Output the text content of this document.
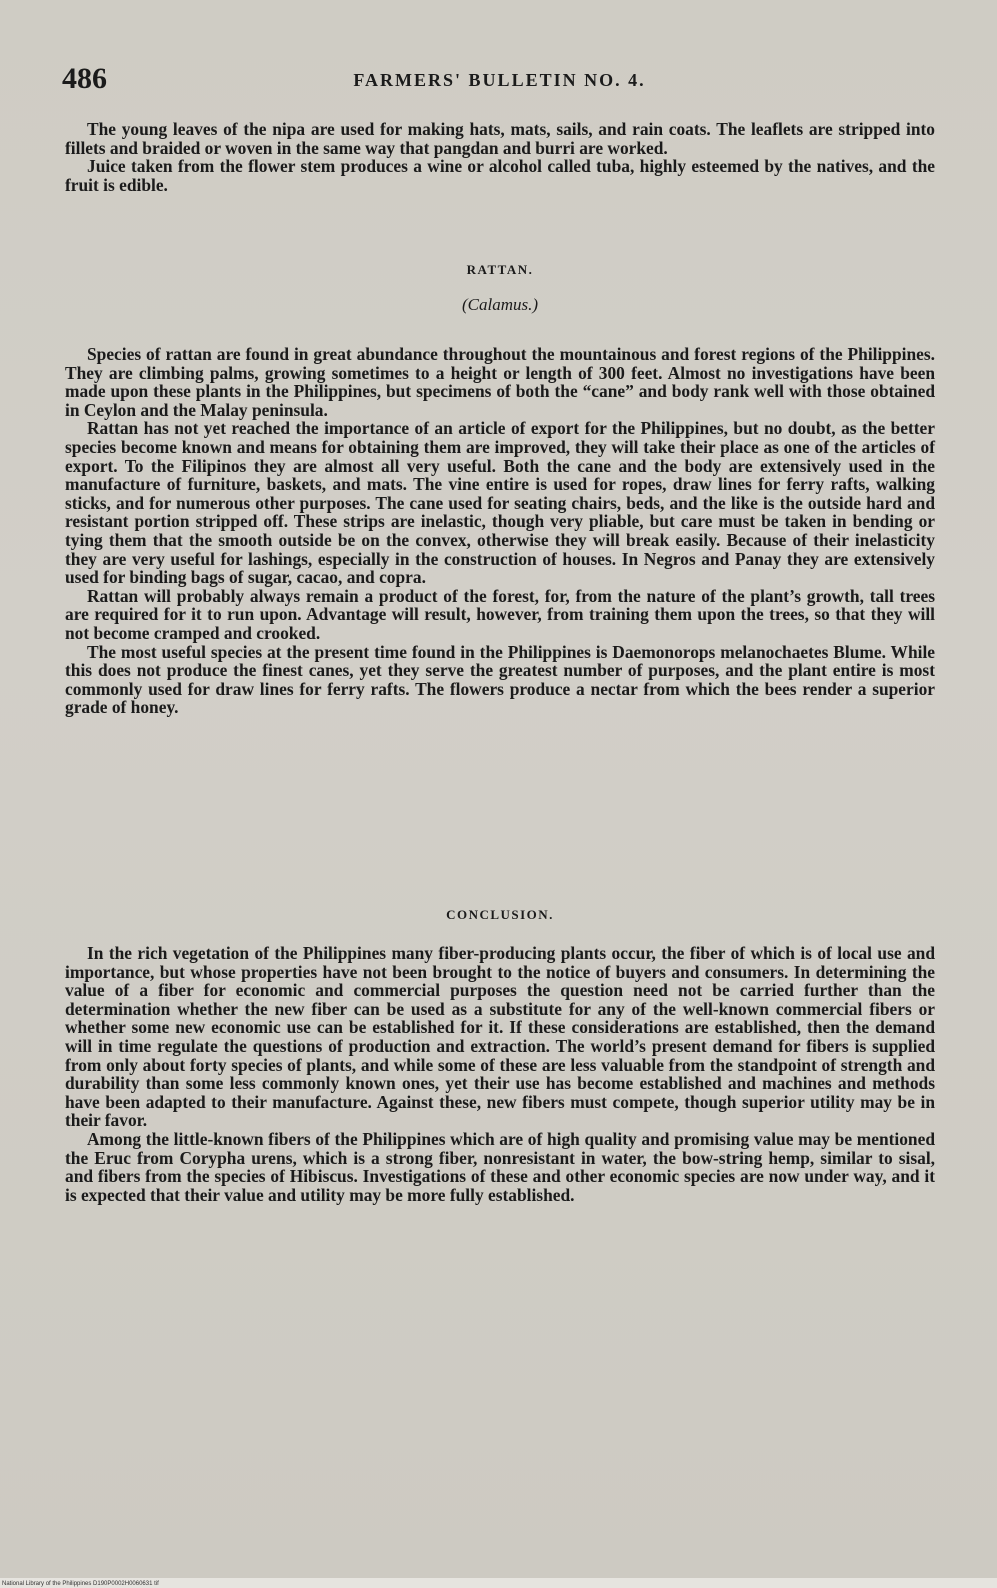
486	FARMERS' BULLETIN NO. 4.

The young leaves of the nipa are used for making hats, mats, sails, and rain coats. The leaflets are stripped into fillets and braided or woven in the same way that pangdan and burri are worked.

Juice taken from the flower stem produces a wine or alcohol called tuba, highly esteemed by the natives, and the fruit is edible.

RATTAN.
(Calamus.)

Species of rattan are found in great abundance throughout the mountainous and forest regions of the Philippines. They are climbing palms, growing sometimes to a height or length of 300 feet. Almost no investigations have been made upon these plants in the Philippines, but specimens of both the “cane” and body rank well with those obtained in Ceylon and the Malay peninsula.

Rattan has not yet reached the importance of an article of export for the Philippines, but no doubt, as the better species become known and means for obtaining them are improved, they will take their place as one of the articles of export. To the Filipinos they are almost all very useful. Both the cane and the body are extensively used in the manufacture of furniture, baskets, and mats. The vine entire is used for ropes, draw lines for ferry rafts, walking sticks, and for numerous other purposes. The cane used for seating chairs, beds, and the like is the outside hard and resistant portion stripped off. These strips are inelastic, though very pliable, but care must be taken in bending or tying them that the smooth outside be on the convex, otherwise they will break easily. Because of their inelasticity they are very useful for lashings, especially in the construction of houses. In Negros and Panay they are extensively used for binding bags of sugar, cacao, and copra.

Rattan will probably always remain a product of the forest, for, from the nature of the plant’s growth, tall trees are required for it to run upon. Advantage will result, however, from training them upon the trees, so that they will not become cramped and crooked.

The most useful species at the present time found in the Philippines is Daemonorops melanochaetes Blume. While this does not produce the finest canes, yet they serve the greatest number of purposes, and the plant entire is most commonly used for draw lines for ferry rafts. The flowers produce a nectar from which the bees render a superior grade of honey.

CONCLUSION.

In the rich vegetation of the Philippines many fiber-producing plants occur, the fiber of which is of local use and importance, but whose properties have not been brought to the notice of buyers and consumers. In determining the value of a fiber for economic and commercial purposes the question need not be carried further than the determination whether the new fiber can be used as a substitute for any of the well-known commercial fibers or whether some new economic use can be established for it. If these considerations are established, then the demand will in time regulate the questions of production and extraction. The world’s present demand for fibers is supplied from only about forty species of plants, and while some of these are less valuable from the standpoint of strength and durability than some less commonly known ones, yet their use has become established and machines and methods have been adapted to their manufacture. Against these, new fibers must compete, though superior utility may be in their favor.

Among the little-known fibers of the Philippines which are of high quality and promising value may be mentioned the Eruc from Corypha urens, which is a strong fiber, nonresistant in water, the bow-string hemp, similar to sisal, and fibers from the species of Hibiscus. Investigations of these and other economic species are now under way, and it is expected that their value and utility may be more fully established.

National Library of the Philippines D190P0002H0060631 tif
